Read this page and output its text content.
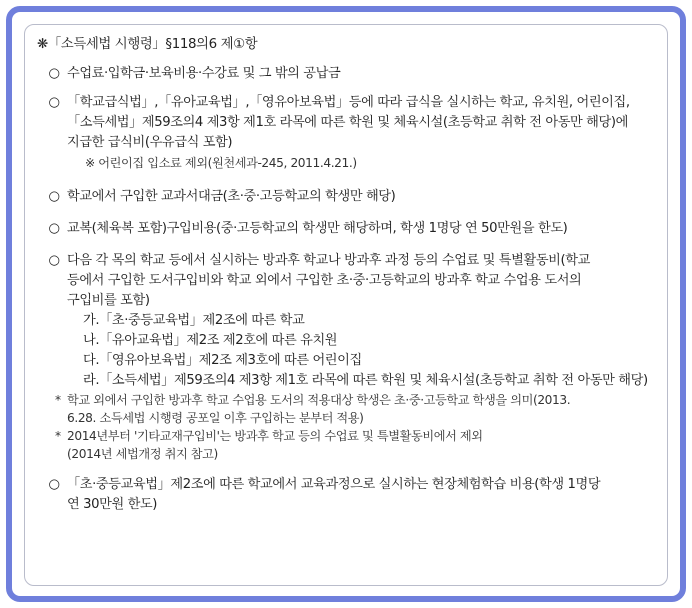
❋「소득세법 시행령」§118의6 제①항
○ 수업료·입학금·보육비용·수강료 및 그 밖의 공납금
○ 「학교급식법」,「유아교육법」,「영유아보육법」등에 따라 급식을 실시하는 학교, 유치원, 어린이집,
「소득세법」제59조의4 제3항 제1호 라목에 따른 학원 및 체육시설(초등학교 취학 전 아동만 해당)에
지급한 급식비(우유급식 포함)
※ 어린이집 입소료 제외(원천세과-245, 2011.4.21.)
○ 학교에서 구입한 교과서대금(초·중·고등학교의 학생만 해당)
○ 교복(체육복 포함)구입비용(중·고등학교의 학생만 해당하며, 학생 1명당 연 50만원을 한도)
○ 다음 각 목의 학교 등에서 실시하는 방과후 학교나 방과후 과정 등의 수업료 및 특별활동비(학교
등에서 구입한 도서구입비와 학교 외에서 구입한 초·중·고등학교의 방과후 학교 수업용 도서의
구입비를 포함)
가.「초·중등교육법」제2조에 따른 학교
나.「유아교육법」제2조 제2호에 따른 유치원
다.「영유아보육법」제2조 제3호에 따른 어린이집
라.「소득세법」제59조의4 제3항 제1호 라목에 따른 학원 및 체육시설(초등학교 취학 전 아동만 해당)
* 학교 외에서 구입한 방과후 학교 수업용 도서의 적용대상 학생은 초·중·고등학교 학생을 의미(2013.
6.28. 소득세법 시행령 공포일 이후 구입하는 분부터 적용)
* 2014년부터 '기타교재구입비'는 방과후 학교 등의 수업료 및 특별활동비에서 제외
(2014년 세법개정 취지 참고)
○ 「초·중등교육법」제2조에 따른 학교에서 교육과정으로 실시하는 현장체험학습 비용(학생 1명당
연 30만원 한도)
